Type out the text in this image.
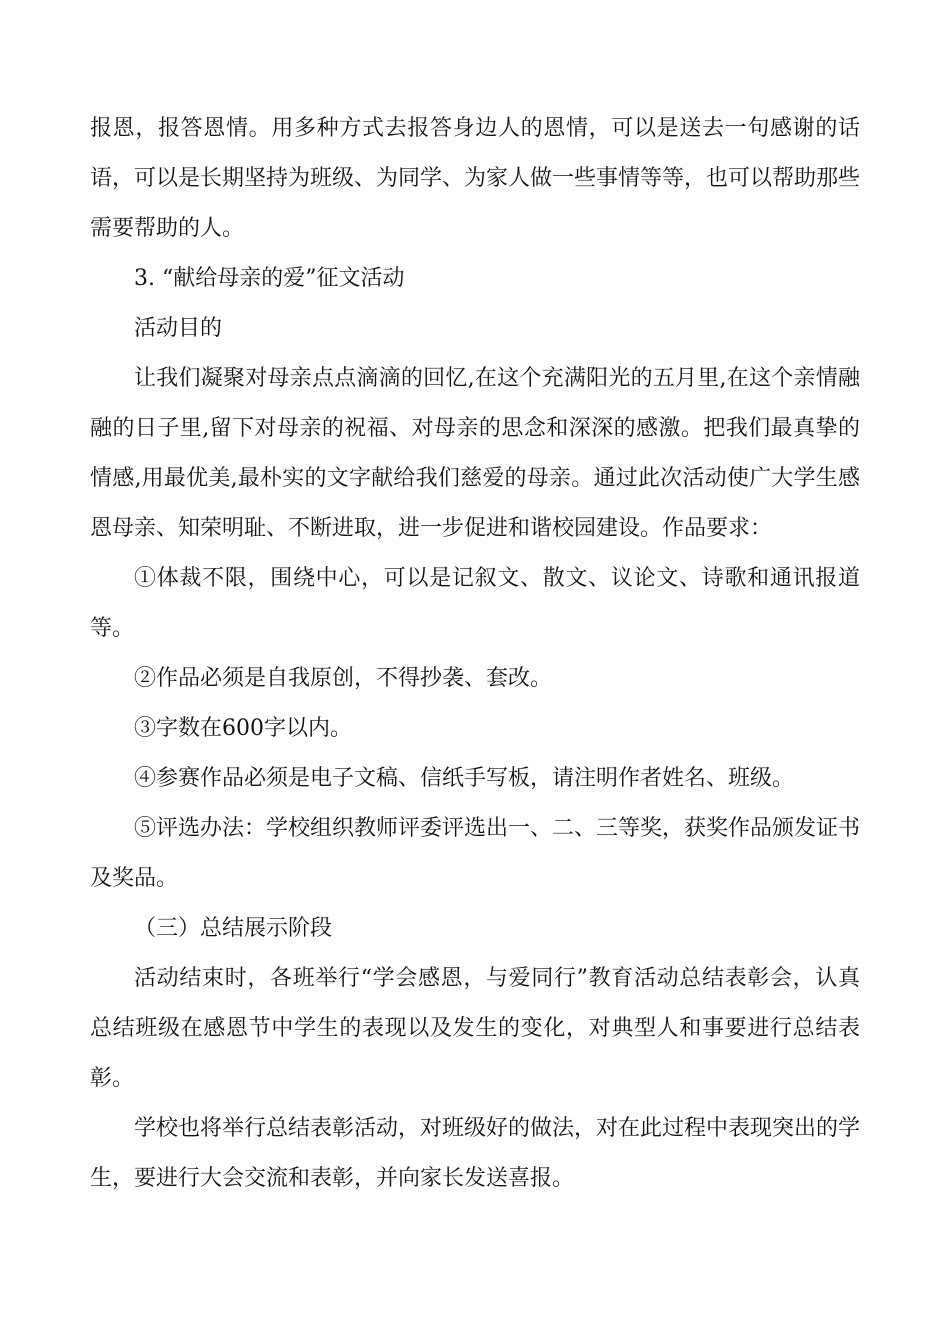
报恩，报答恩情。用多种方式去报答身边人的恩情，可以是送去一句感谢的话语，可以是长期坚持为班级、为同学、为家人做一些事情等等，也可以帮助那些需要帮助的人。

3. “献给母亲的爱”征文活动

活动目的

让我们凝聚对母亲点点滴滴的回忆,在这个充满阳光的五月里,在这个亲情融融的日子里,留下对母亲的祝福、对母亲的思念和深深的感激。把我们最真挚的情感,用最优美,最朴实的文字献给我们慈爱的母亲。通过此次活动使广大学生感恩母亲、知荣明耻、不断进取，进一步促进和谐校园建设。作品要求：

①体裁不限，围绕中心，可以是记叙文、散文、议论文、诗歌和通讯报道等。

②作品必须是自我原创，不得抄袭、套改。

③字数在600字以内。

④参赛作品必须是电子文稿、信纸手写板，请注明作者姓名、班级。

⑤评选办法：学校组织教师评委评选出一、二、三等奖，获奖作品颁发证书及奖品。

（三）总结展示阶段

活动结束时，各班举行“学会感恩，与爱同行”教育活动总结表彰会，认真总结班级在感恩节中学生的表现以及发生的变化，对典型人和事要进行总结表彰。

学校也将举行总结表彰活动，对班级好的做法，对在此过程中表现突出的学生，要进行大会交流和表彰，并向家长发送喜报。
